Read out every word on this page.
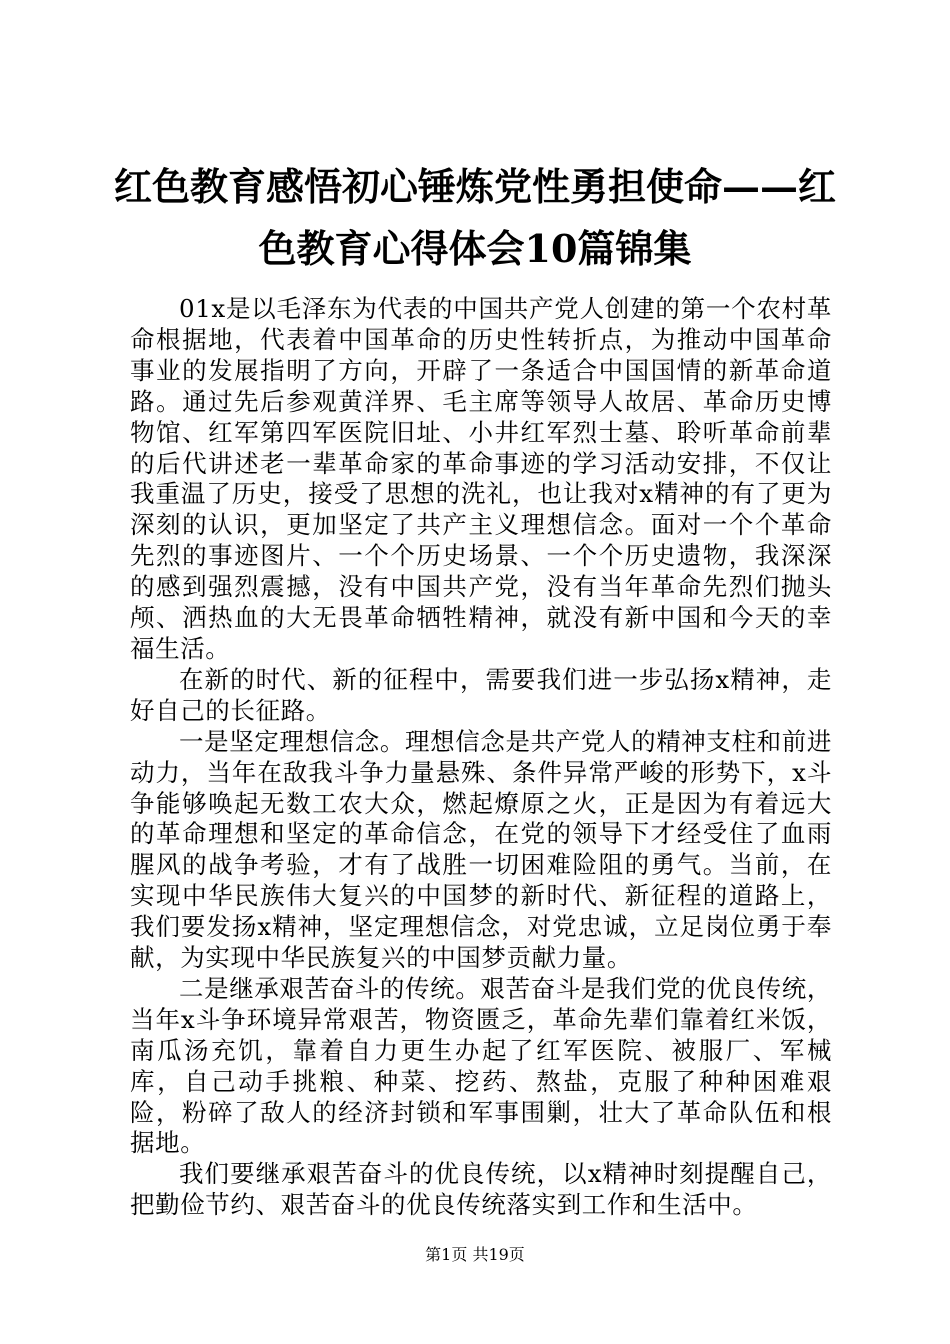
红色教育感悟初心锤炼党性勇担使命——红色教育心得体会10篇锦集

01x是以毛泽东为代表的中国共产党人创建的第一个农村革命根据地，代表着中国革命的历史性转折点，为推动中国革命事业的发展指明了方向，开辟了一条适合中国国情的新革命道路。通过先后参观黄洋界、毛主席等领导人故居、革命历史博物馆、红军第四军医院旧址、小井红军烈士墓、聆听革命前辈的后代讲述老一辈革命家的革命事迹的学习活动安排，不仅让我重温了历史，接受了思想的洗礼，也让我对x精神的有了更为深刻的认识，更加坚定了共产主义理想信念。面对一个个革命先烈的事迹图片、一个个历史场景、一个个历史遗物，我深深的感到强烈震撼，没有中国共产党，没有当年革命先烈们抛头颅、洒热血的大无畏革命牺牲精神，就没有新中国和今天的幸福生活。

在新的时代、新的征程中，需要我们进一步弘扬x精神，走好自己的长征路。

一是坚定理想信念。理想信念是共产党人的精神支柱和前进动力，当年在敌我斗争力量悬殊、条件异常严峻的形势下，x斗争能够唤起无数工农大众，燃起燎原之火，正是因为有着远大的革命理想和坚定的革命信念，在党的领导下才经受住了血雨腥风的战争考验，才有了战胜一切困难险阻的勇气。当前，在实现中华民族伟大复兴的中国梦的新时代、新征程的道路上，我们要发扬x精神，坚定理想信念，对党忠诚，立足岗位勇于奉献，为实现中华民族复兴的中国梦贡献力量。

二是继承艰苦奋斗的传统。艰苦奋斗是我们党的优良传统，当年x斗争环境异常艰苦，物资匮乏，革命先辈们靠着红米饭，南瓜汤充饥，靠着自力更生办起了红军医院、被服厂、军械库，自己动手挑粮、种菜、挖药、熬盐，克服了种种困难艰险，粉碎了敌人的经济封锁和军事围剿，壮大了革命队伍和根据地。

我们要继承艰苦奋斗的优良传统，以x精神时刻提醒自己，把勤俭节约、艰苦奋斗的优良传统落实到工作和生活中。

第1页 共19页
